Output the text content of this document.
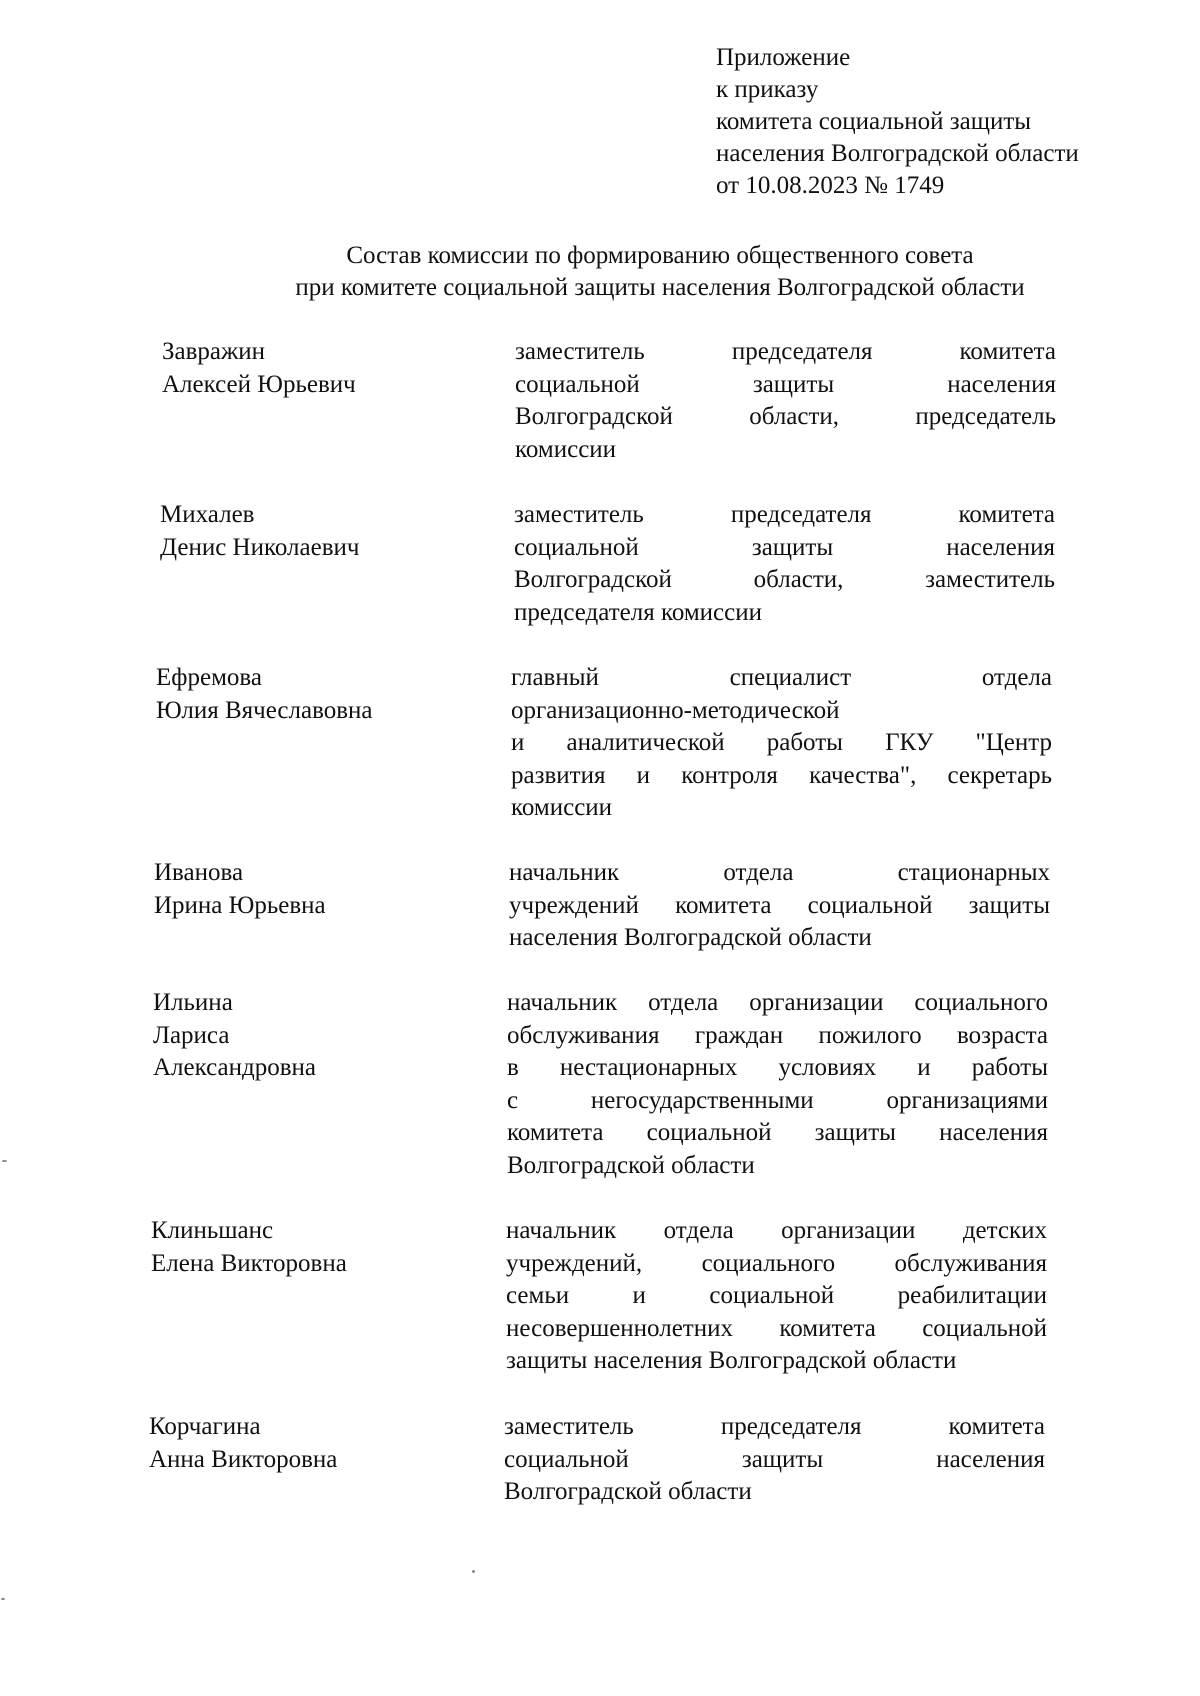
Приложение
к приказу
комитета социальной защиты
населения Волгоградской области
от 10.08.2023 № 1749
Состав комиссии по формированию общественного совета
при комитете социальной защиты населения Волгоградской области
Завражин
Алексей Юрьевич
заместитель председателя комитета
социальной защиты населения
Волгоградской области, председатель
комиссии
Михалев
Денис Николаевич
заместитель председателя комитета
социальной защиты населения
Волгоградской области, заместитель
председателя комиссии
Ефремова
Юлия Вячеславовна
главный специалист отдела
организационно-методической
и аналитической работы ГКУ "Центр
развития и контроля качества", секретарь
комиссии
Иванова
Ирина Юрьевна
начальник отдела стационарных
учреждений комитета социальной защиты
населения Волгоградской области
Ильина
Лариса
Александровна
начальник отдела организации социального
обслуживания граждан пожилого возраста
в нестационарных условиях и работы
с негосударственными организациями
комитета социальной защиты населения
Волгоградской области
Клиньшанс
Елена Викторовна
начальник отдела организации детских
учреждений, социального обслуживания
семьи и социальной реабилитации
несовершеннолетних комитета социальной
защиты населения Волгоградской области
Корчагина
Анна Викторовна
заместитель председателя комитета
социальной защиты населения
Волгоградской области
